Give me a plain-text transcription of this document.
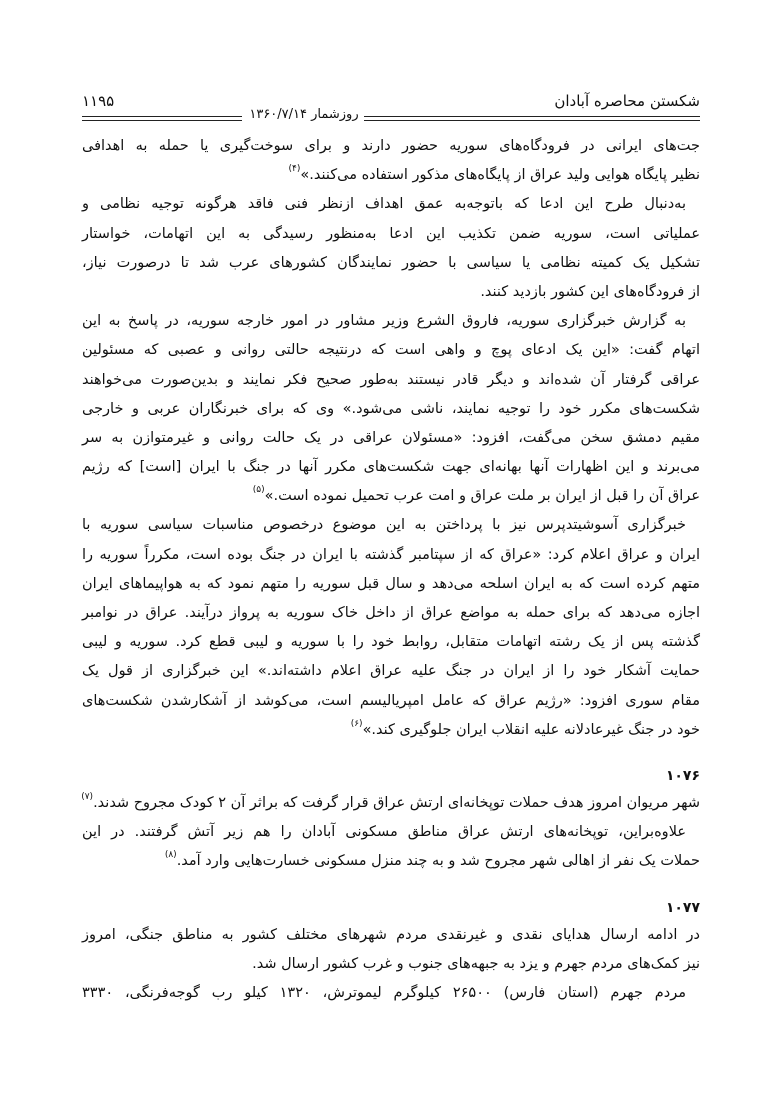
شکستن محاصره آبادان
۱۱۹۵
روزشمار ۱۳۶۰/۷/۱۴
جت‌های ایرانی در فرودگاه‌های سوریه حضور دارند و برای سوخت‌گیری یا حمله به اهدافی
نظیر پایگاه هوایی ولید عراق از پایگاه‌های مذکور استفاده می‌کنند.»$^{(۴)}$
به‌دنبال طرح این ادعا که باتوجه‌به عمق اهداف ازنظر فنی فاقد هرگونه توجیه نظامی و
عملیاتی است، سوریه ضمن تکذیب این ادعا به‌منظور رسیدگی به این اتهامات، خواستار
تشکیل یک کمیته نظامی یا سیاسی با حضور نمایندگان کشورهای عرب شد تا درصورت نیاز،
از فرودگاه‌های این کشور بازدید کنند.
به گزارش خبرگزاری سوریه، فاروق الشرع وزیر مشاور در امور خارجه سوریه، در پاسخ به این
اتهام گفت: «این یک ادعای پوچ و واهی است که درنتیجه حالتی روانی و عصبی که مسئولین
عراقی گرفتار آن شده‌اند و دیگر قادر نیستند به‌طور صحیح فکر نمایند و بدین‌صورت می‌خواهند
شکست‌های مکرر خود را توجیه نمایند، ناشی می‌شود.» وی که برای خبرنگاران عربی و خارجی
مقیم دمشق سخن می‌گفت، افزود: «مسئولان عراقی در یک حالت روانی و غیرمتوازن به سر
می‌برند و این اظهارات آنها بهانه‌ای جهت شکست‌های مکرر آنها در جنگ با ایران [است] که رژیم
عراق آن را قبل از ایران بر ملت عراق و امت عرب تحمیل نموده است.»$^{(۵)}$
خبرگزاری آسوشیتدپرس نیز با پرداختن به این موضوع درخصوص مناسبات سیاسی سوریه با
ایران و عراق اعلام کرد: «عراق که از سپتامبر گذشته با ایران در جنگ بوده است، مکرراً سوریه را
متهم کرده است که به ایران اسلحه می‌دهد و سال قبل سوریه را متهم نمود که به هواپیماهای ایران
اجازه می‌دهد که برای حمله به مواضع عراق از داخل خاک سوریه به پرواز درآیند. عراق در نوامبر
گذشته پس از یک رشته اتهامات متقابل، روابط خود را با سوریه و لیبی قطع کرد. سوریه و لیبی
حمایت آشکار خود را از ایران در جنگ علیه عراق اعلام داشته‌اند.» این خبرگزاری از قول یک
مقام سوری افزود: «رژیم عراق که عامل امپریالیسم است، می‌کوشد از آشکارشدن شکست‌های
خود در جنگ غیرعادلانه علیه انقلاب ایران جلوگیری کند.»$^{(۶)}$
۱۰۷۶
شهر مریوان امروز هدف حملات توپخانه‌ای ارتش عراق قرار گرفت که براثر آن ۲ کودک مجروح شدند.$^{(۷)}$
علاوه‌براین، توپخانه‌های ارتش عراق مناطق مسکونی آبادان را هم زیر آتش گرفتند. در این
حملات یک نفر از اهالی شهر مجروح شد و به چند منزل مسکونی خسارت‌هایی وارد آمد.$^{(۸)}$
۱۰۷۷
در ادامه ارسال هدایای نقدی و غیرنقدی مردم شهرهای مختلف کشور به مناطق جنگی، امروز
نیز کمک‌های مردم جهرم و یزد به جبهه‌های جنوب و غرب کشور ارسال شد.
مردم جهرم (استان فارس) ۲۶۵۰۰ کیلوگرم لیموترش، ۱۳۲۰ کیلو رب گوجه‌فرنگی، ۳۳۳۰
